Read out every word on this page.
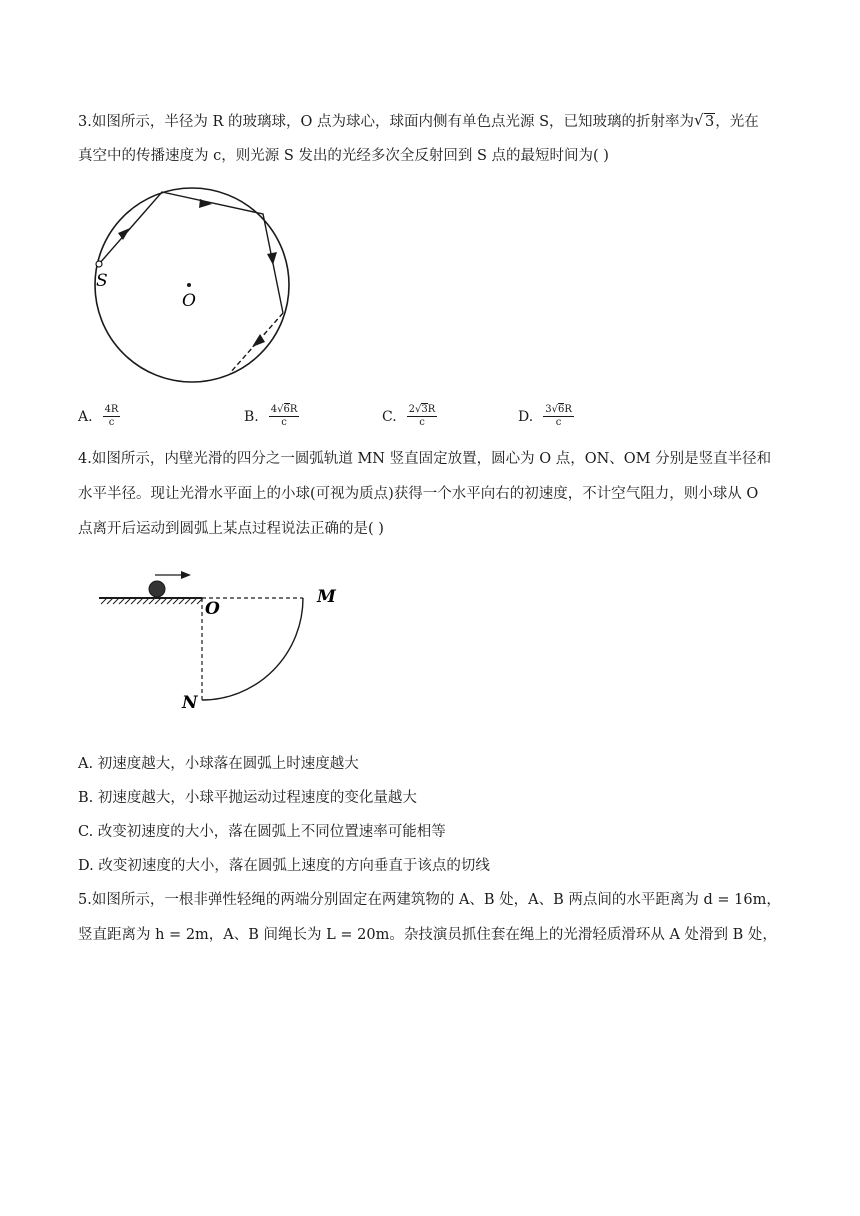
3.如图所示，半径为 R 的玻璃球，O 点为球心，球面内侧有单色点光源 S，已知玻璃的折射率为√ 3，光在
真空中的传播速度为 c，则光源 S 发出的光经多次全反射回到 S 点的最短时间为( )
S
O
A. $\frac{4R}{c}$	B. $\frac{4√6R}{c}$	C. $\frac{2√3R}{c}$	D. $\frac{3√6R}{c}$
4.如图所示，内壁光滑的四分之一圆弧轨道 MN 竖直固定放置，圆心为 O 点，ON、OM 分别是竖直半径和
水平半径。现让光滑水平面上的小球(可视为质点)获得一个水平向右的初速度，不计空气阻力，则小球从 O
点离开后运动到圆弧上某点过程说法正确的是( )
O
M
N
A. 初速度越大，小球落在圆弧上时速度越大
B. 初速度越大，小球平抛运动过程速度的变化量越大
C. 改变初速度的大小，落在圆弧上不同位置速率可能相等
D. 改变初速度的大小，落在圆弧上速度的方向垂直于该点的切线
5.如图所示，一根非弹性轻绳的两端分别固定在两建筑物的 A、B 处，A、B 两点间的水平距离为 d = 16m，
竖直距离为 h = 2m，A、B 间绳长为 L = 20m。杂技演员抓住套在绳上的光滑轻质滑环从 A 处滑到 B 处，
